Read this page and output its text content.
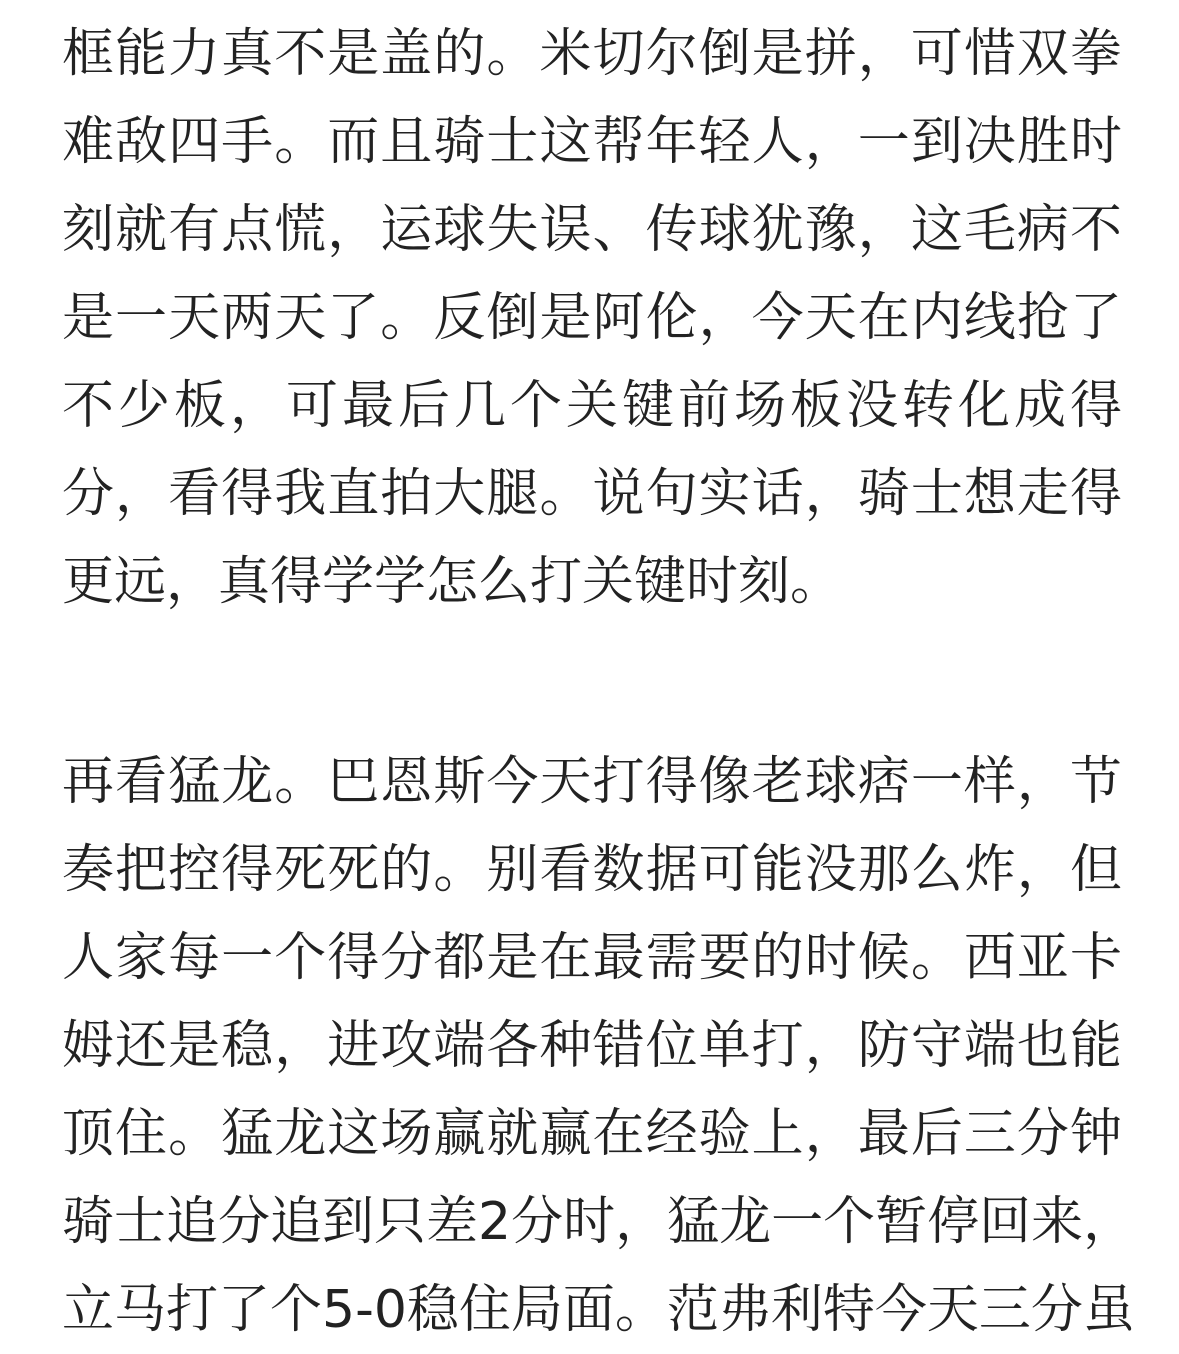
框能力真不是盖的。米切尔倒是拼，可惜双拳
难敌四手。而且骑士这帮年轻人，一到决胜时
刻就有点慌，运球失误、传球犹豫，这毛病不
是一天两天了。反倒是阿伦，今天在内线抢了
不少板，可最后几个关键前场板没转化成得
分，看得我直拍大腿。说句实话，骑士想走得
更远，真得学学怎么打关键时刻。
再看猛龙。巴恩斯今天打得像老球痞一样，节
奏把控得死死的。别看数据可能没那么炸，但
人家每一个得分都是在最需要的时候。西亚卡
姆还是稳，进攻端各种错位单打，防守端也能
顶住。猛龙这场赢就赢在经验上，最后三分钟
骑士追分追到只差2分时，猛龙一个暂停回来，
立马打了个5-0稳住局面。范弗利特今天三分虽
